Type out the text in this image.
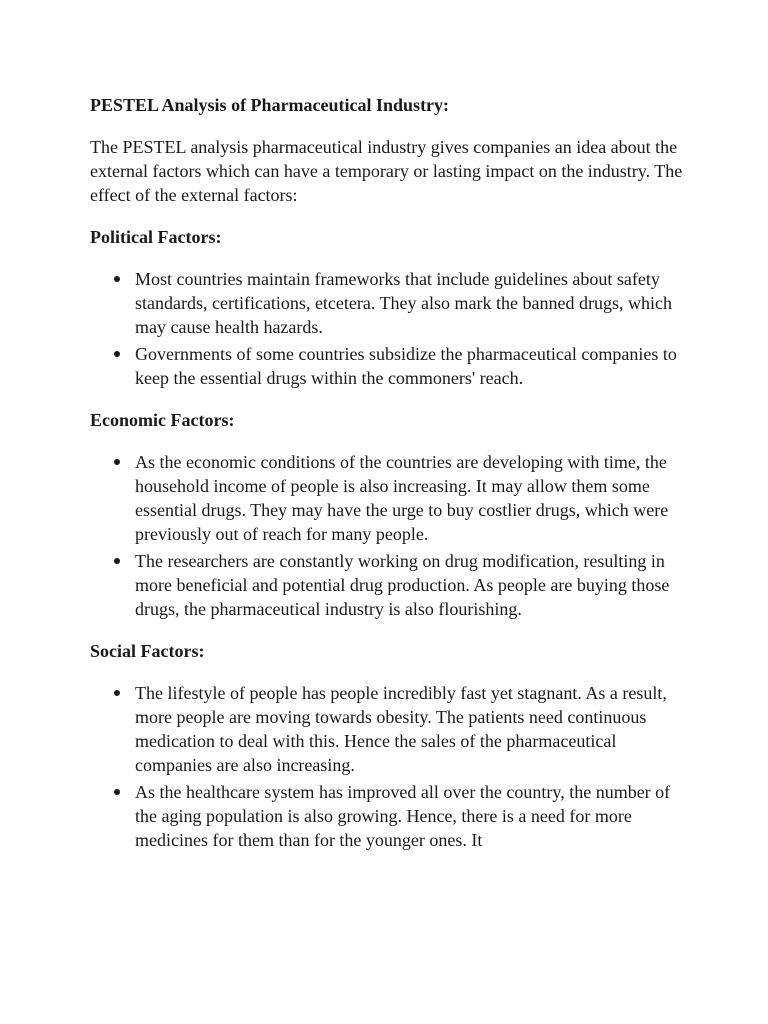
PESTEL Analysis of Pharmaceutical Industry:

The PESTEL analysis pharmaceutical industry gives companies an idea about the external factors which can have a temporary or lasting impact on the industry. The effect of the external factors:

Political Factors:

Most countries maintain frameworks that include guidelines about safety standards, certifications, etcetera. They also mark the banned drugs, which may cause health hazards.
Governments of some countries subsidize the pharmaceutical companies to keep the essential drugs within the commoners' reach.

Economic Factors:

As the economic conditions of the countries are developing with time, the household income of people is also increasing. It may allow them some essential drugs. They may have the urge to buy costlier drugs, which were previously out of reach for many people.
The researchers are constantly working on drug modification, resulting in more beneficial and potential drug production. As people are buying those drugs, the pharmaceutical industry is also flourishing.

Social Factors:

The lifestyle of people has people incredibly fast yet stagnant. As a result, more people are moving towards obesity. The patients need continuous medication to deal with this. Hence the sales of the pharmaceutical companies are also increasing.
As the healthcare system has improved all over the country, the number of the aging population is also growing. Hence, there is a need for more medicines for them than for the younger ones. It
